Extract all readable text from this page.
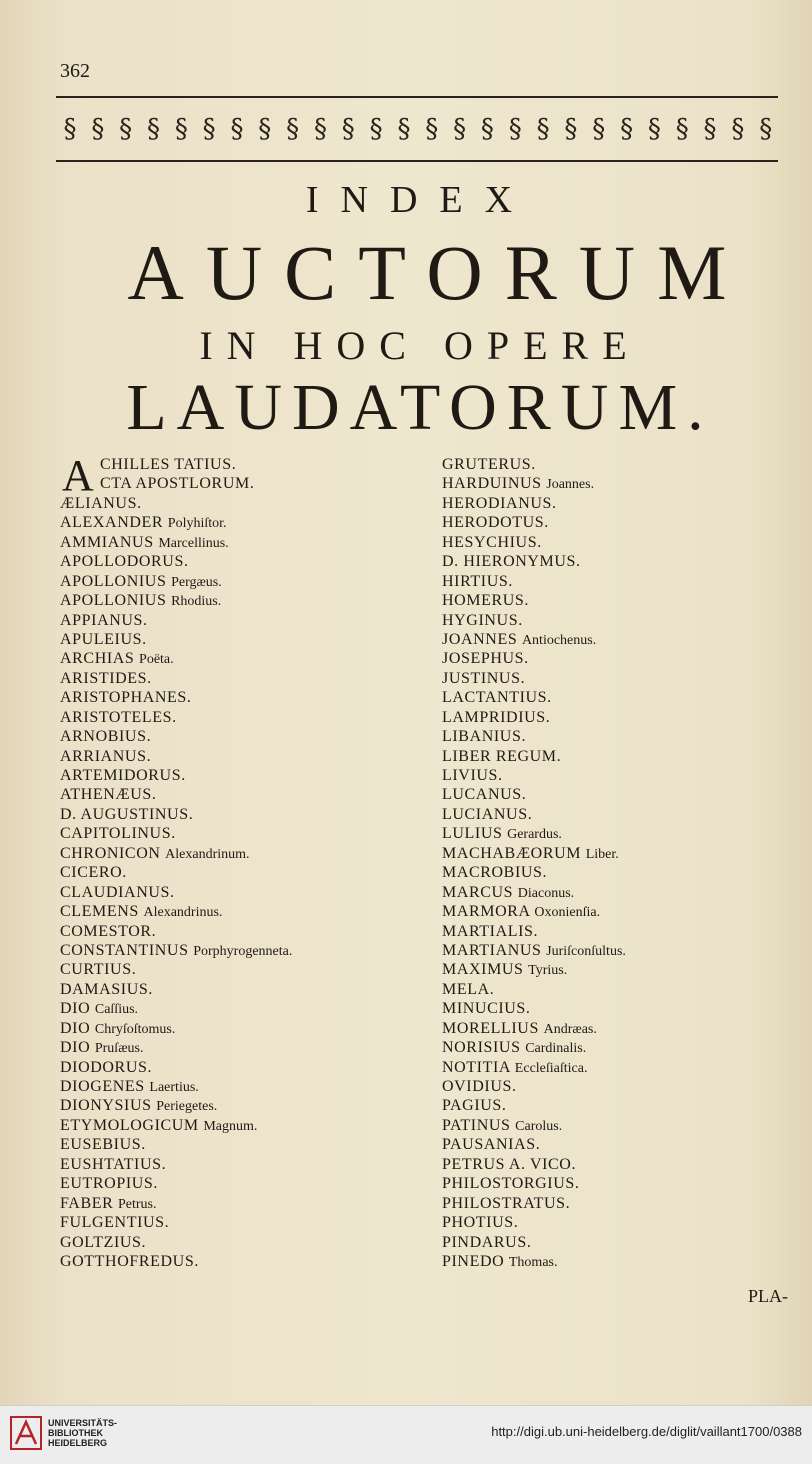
362
§ § § § § § § § § § § § § § § § § § § § § § § § § §
INDEX
AUCTORUM
IN HOC OPERE
LAUDATORUM.
A CHILLES TATIUS.
CTA APOSTLORUM.
ÆLIANUS.
ALEXANDER Polyhiſtor.
AMMIANUS Marcellinus.
APOLLODORUS.
APOLLONIUS Pergæus.
APOLLONIUS Rhodius.
APPIANUS.
APULEIUS.
ARCHIAS Poëta.
ARISTIDES.
ARISTOPHANES.
ARISTOTELES.
ARNOBIUS.
ARRIANUS.
ARTEMIDORUS.
ATHENÆUS.
D. AUGUSTINUS.
CAPITOLINUS.
CHRONICON Alexandrinum.
CICERO.
CLAUDIANUS.
CLEMENS Alexandrinus.
COMESTOR.
CONSTANTINUS Porphyrogenneta.
CURTIUS.
DAMASIUS.
DIO Caſſius.
DIO Chryſoſtomus.
DIO Pruſæus.
DIODORUS.
DIOGENES Laertius.
DIONYSIUS Periegetes.
ETYMOLOGICUM Magnum.
EUSEBIUS.
EUSHTATIUS.
EUTROPIUS.
FABER Petrus.
FULGENTIUS.
GOLTZIUS.
GOTTHOFREDUS.
GRUTERUS.
HARDUINUS Joannes.
HERODIANUS.
HERODOTUS.
HESYCHIUS.
D. HIERONYMUS.
HIRTIUS.
HOMERUS.
HYGINUS.
JOANNES Antiochenus.
JOSEPHUS.
JUSTINUS.
LACTANTIUS.
LAMPRIDIUS.
LIBANIUS.
LIBER REGUM.
LIVIUS.
LUCANUS.
LUCIANUS.
LULIUS Gerardus.
MACHABÆORUM Liber.
MACROBIUS.
MARCUS Diaconus.
MARMORA Oxonienſia.
MARTIALIS.
MARTIANUS Juriſconſultus.
MAXIMUS Tyrius.
MELA.
MINUCIUS.
MORELLIUS Andræas.
NORISIUS Cardinalis.
NOTITIA Eccleſiaſtica.
OVIDIUS.
PAGIUS.
PATINUS Carolus.
PAUSANIAS.
PETRUS A. VICO.
PHILOSTORGIUS.
PHILOSTRATUS.
PHOTIUS.
PINDARUS.
PINEDO Thomas.
PLA-
UNIVERSITÄTS-
BIBLIOTHEK
HEIDELBERG
http://digi.ub.uni-heidelberg.de/diglit/vaillant1700/0388
